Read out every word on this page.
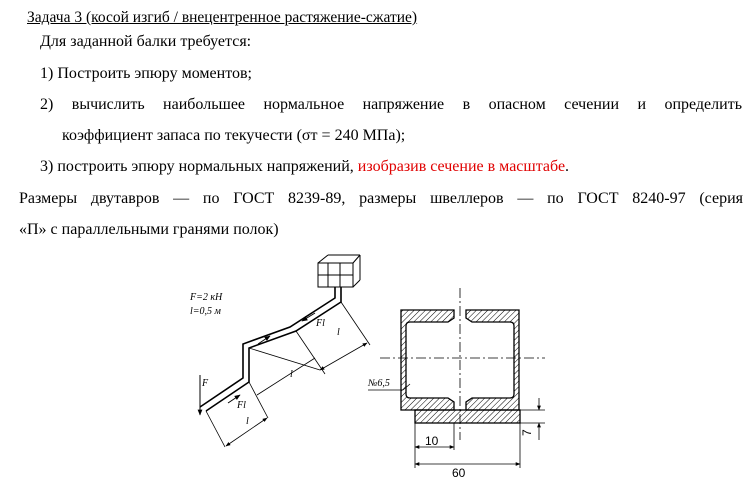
Задача 3 (косой изгиб / внецентренное растяжение-сжатие)
Для заданной балки требуется:
1) Построить эпюру моментов;
2) вычислить наибольшее нормальное напряжение в опасном сечении и определить
коэффициент запаса по текучести (σт = 240 МПа);
3) построить эпюру нормальных напряжений, изобразив сечение в масштабе.
Размеры двутавров — по ГОСТ 8239-89, размеры швеллеров — по ГОСТ 8240-97 (серия
«П» с параллельными гранями полок)
F=2 кН
l=0,5 м
F
Fl
Fl
l
l
l
№6,5
10
60
7
